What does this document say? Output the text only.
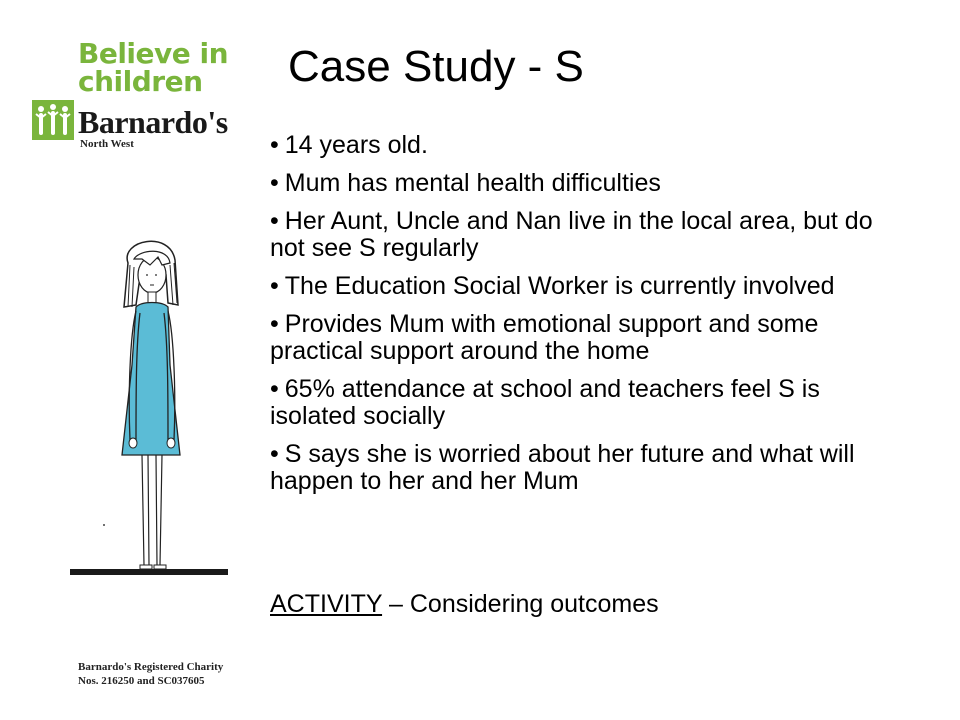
Believe in
children
Barnardo's
North West
Case Study - S
• 14 years old.
• Mum has mental health difficulties
• Her Aunt, Uncle and Nan live in the local area, but do not see S regularly
• The Education Social Worker is currently involved
• Provides Mum with emotional support and some practical support around the home
• 65% attendance at school and teachers feel S is isolated socially
• S says she is worried about her future and what will happen to her and her Mum
ACTIVITY – Considering outcomes
Barnardo's Registered Charity
Nos. 216250 and SC037605
